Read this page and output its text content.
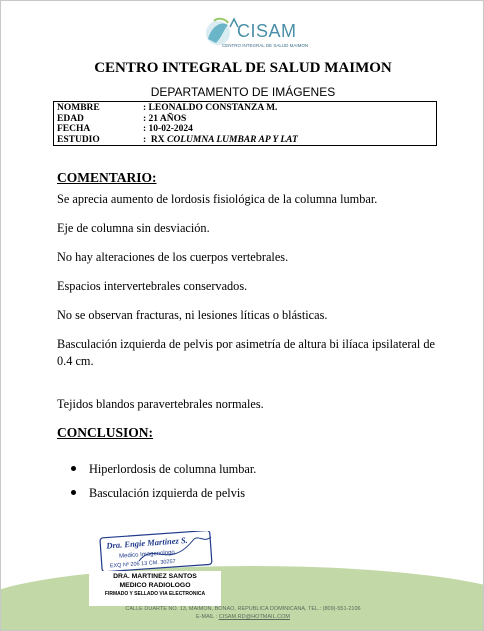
CISAM
CENTRO INTEGRAL DE SALUD MAIMON
CENTRO INTEGRAL DE SALUD MAIMON
DEPARTAMENTO DE IMÁGENES
NOMBRE	: LEONALDO CONSTANZA M.
EDAD	: 21 AÑOS
FECHA	: 10-02-2024
ESTUDIO	:  RX COLUMNA LUMBAR AP Y LAT
COMENTARIO:
Se aprecia aumento de lordosis fisiológica de la columna lumbar.
Eje de columna sin desviación.
No hay alteraciones de los cuerpos vertebrales.
Espacios intervertebrales conservados.
No se observan fracturas, ni lesiones líticas o blásticas.
Basculación izquierda de pelvis por asimetría de altura bi ilíaca ipsilateral de 0.4 cm.
Tejidos blandos paravertebrales normales.
CONCLUSION:
Hiperlordosis de columna lumbar.
Basculación izquierda de pelvis
CALLE DUARTE NO. 13, MAIMÓN, BONAO, REPUBLICA DOMINICANA, TEL.: (809)-551-2106
E-MAIL : CISAM.RD@HOTMAIL.COM
Dra. Engie Martinez S.
Medico Imagenologo
EXQ Nº 206 13 CM. 30257
DRA. MARTINEZ SANTOS
MEDICO RADIOLOGO
FIRMADO Y SELLADO VIA ELECTRONICA
